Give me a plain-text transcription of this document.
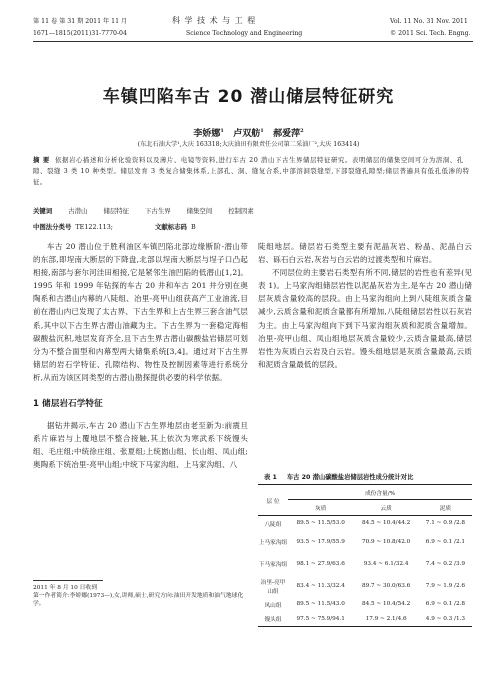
第 11 卷 第 31 期 2011 年 11 月
1671—1815(2011)31-7770-04
科 学 技 术 与 工 程
Science Technology and Engineering
Vol. 11 No. 31 Nov. 2011
© 2011 Sci. Tech. Engng.
车镇凹陷车古 20 潜山储层特征研究
李娇娜$^1$ 卢双舫$^1$ 郝爱萍$^2$
(东北石油大学¹,大庆 163318;大庆油田有限责任公司第二采油厂²,大庆 163414)
摘 要 依据岩心描述和分析化验资料以及薄片、电镜等资料,进行车古 20 潜山下古生界储层特征研究。表明储层的储集空间可分为溶洞、孔隙、裂缝 3 类 10 种类型。储层发育 3 类复合储集体系,上部孔、洞、缝复合系,中部溶洞裂缝型,下部裂缝孔隙型;储层普遍具有低孔低渗的特征。
关键词	古潜山	储层特征	下古生界	储集空间	控制因素
中图法分类号 TE122.113;	文献标志码 B

车古 20 潜山位于胜利油区车镇凹陷北部边缘断阶-潜山带的东部,即埕南大断层的下降盘,北部以埕南大断层与埕子口凸起相接,南部与套尔河洼田相接,它是紧邻生油凹陷的低潜山[1,2]。1995 年和 1999 年钻探的车古 20 井和车古 201 井分别在奥陶系和古潜山内幕的八陡组、冶里-亮甲山组获高产工业油流,目前在潜山内已发现了太古界、下古生界和上古生界三套含油气层系,其中以下古生界古潜山油藏为主。下古生界为一套稳定海相碳酸盐沉积,地层发育齐全,且下古生界古潜山碳酸盐岩储层可划分为不整合面型和内幕型两大储集系统[3,4]。通过对下古生界储层的岩石学特征、孔隙结构、物性及控制因素等进行系统分析,从而为该区同类型的古潜山勘探提供必要的科学依据。

1 储层岩石学特征

据钻井揭示,车古 20 潜山下古生界地层由老至新为:前震旦系片麻岩与上覆地层不整合接触,其上依次为寒武系下统馒头组、毛庄组;中统徐庄组、张夏组;上统崮山组、长山组、凤山组;奥陶系下统冶里-亮甲山组;中统下马家沟组、上马家沟组、八

2011 年 8 月 10 日收到
第一作者简介:李娇娜(1973—),女,讲师,硕士,研究方向:油田开发地质和油气地球化学。

陡组地层。储层岩石类型主要有泥晶灰岩、粉晶、泥晶白云岩、砾石白云岩,灰岩与白云岩的过渡类型和片麻岩。

不同层位的主要岩石类型有所不同,储层的岩性也有差异(见表 1)。上马家沟组储层岩性以泥晶灰岩为主,是车古 20 潜山储层灰质含量较高的层段。由上马家沟组向上到八陡组灰质含量减少,云质含量和泥质含量都有所增加,八陡组储层岩性以石灰岩为主。由上马家沟组向下到下马家沟组灰质和泥质含量增加。冶里-亮甲山组、凤山组地层灰质含量较少,云质含量最高,储层岩性为灰质白云岩及白云岩。馒头组地层是灰质含量最高,云质和泥质含量最低的层段。

表 1 车古 20 潜山碳酸盐岩储层岩性成分统计对比
层 位	成份含量/%		
	灰质	云质	泥质
八陡组	89.5 ~ 11.5/53.0	84.5 ~ 10.4/44.2	7.1 ~ 0.9 /2.8
上马家沟组	93.5 ~ 17.9/55.9	70.9 ~ 10.8/42.0	6.9 ~ 0.1 /2.1
下马家沟组	98.1 ~ 27.9/63.6	93.4 ~ 6.1/32.4	7.4 ~ 0.2 /3.9
冶里-亮甲山组	83.4 ~ 11.3/32.4	89.7 ~ 30.0/63.6	7.9 ~ 1.9 /2.6
凤山组	89.5 ~ 11.5/43.0	84.5 ~ 10.4/54.2	6.9 ~ 0.1 /2.8
馒头组	97.5 ~ 75.9/94.1	17.9 ~ 2.1/4.6	4.9 ~ 0.3 /1.3
